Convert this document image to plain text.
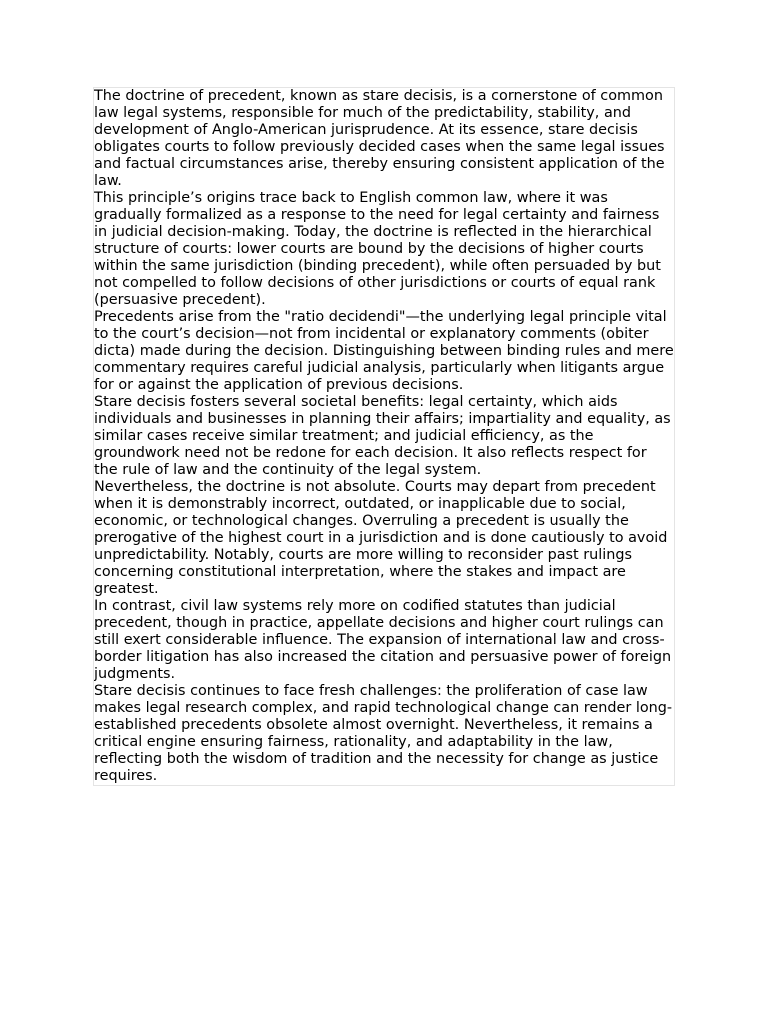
The doctrine of precedent, known as stare decisis, is a cornerstone of common law legal systems, responsible for much of the predictability, stability, and development of Anglo-American jurisprudence. At its essence, stare decisis obligates courts to follow previously decided cases when the same legal issues and factual circumstances arise, thereby ensuring consistent application of the law.

This principle’s origins trace back to English common law, where it was gradually formalized as a response to the need for legal certainty and fairness in judicial decision-making. Today, the doctrine is reflected in the hierarchical structure of courts: lower courts are bound by the decisions of higher courts within the same jurisdiction (binding precedent), while often persuaded by but not compelled to follow decisions of other jurisdictions or courts of equal rank (persuasive precedent).

Precedents arise from the "ratio decidendi"—the underlying legal principle vital to the court’s decision—not from incidental or explanatory comments (obiter dicta) made during the decision. Distinguishing between binding rules and mere commentary requires careful judicial analysis, particularly when litigants argue for or against the application of previous decisions.

Stare decisis fosters several societal benefits: legal certainty, which aids individuals and businesses in planning their affairs; impartiality and equality, as similar cases receive similar treatment; and judicial efficiency, as the groundwork need not be redone for each decision. It also reflects respect for the rule of law and the continuity of the legal system.

Nevertheless, the doctrine is not absolute. Courts may depart from precedent when it is demonstrably incorrect, outdated, or inapplicable due to social, economic, or technological changes. Overruling a precedent is usually the prerogative of the highest court in a jurisdiction and is done cautiously to avoid unpredictability. Notably, courts are more willing to reconsider past rulings concerning constitutional interpretation, where the stakes and impact are greatest.

In contrast, civil law systems rely more on codified statutes than judicial precedent, though in practice, appellate decisions and higher court rulings can still exert considerable influence. The expansion of international law and cross-border litigation has also increased the citation and persuasive power of foreign judgments.

Stare decisis continues to face fresh challenges: the proliferation of case law makes legal research complex, and rapid technological change can render long-established precedents obsolete almost overnight. Nevertheless, it remains a critical engine ensuring fairness, rationality, and adaptability in the law, reflecting both the wisdom of tradition and the necessity for change as justice requires.
